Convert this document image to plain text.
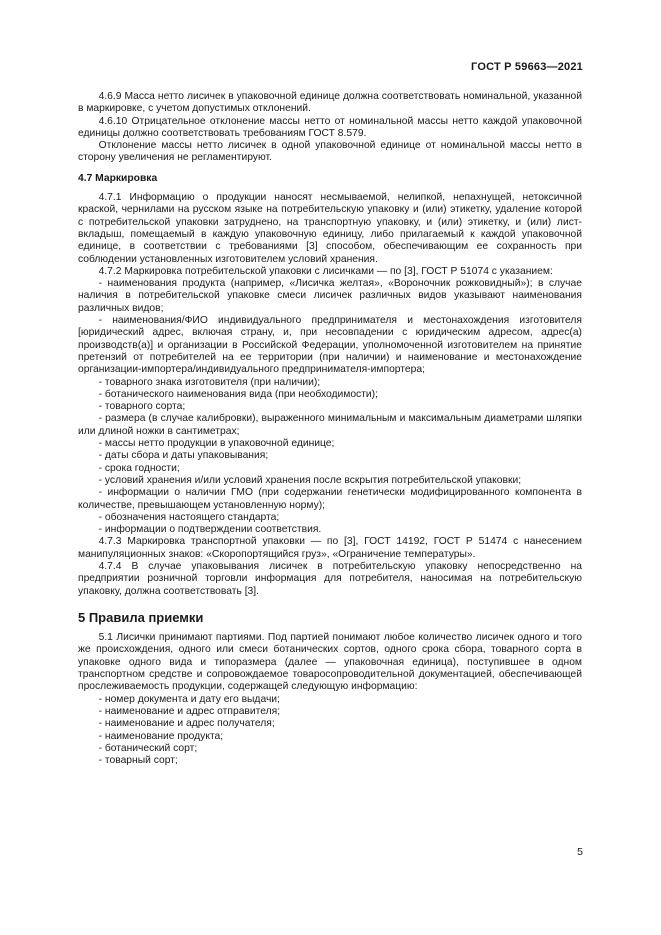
ГОСТ Р 59663—2021

4.6.9 Масса нетто лисичек в упаковочной единице должна соответствовать номинальной, указанной в маркировке, с учетом допустимых отклонений.

4.6.10 Отрицательное отклонение массы нетто от номинальной массы нетто каждой упаковочной единицы должно соответствовать требованиям ГОСТ 8.579.

Отклонение массы нетто лисичек в одной упаковочной единице от номинальной массы нетто в сторону увеличения не регламентируют.

4.7 Маркировка

4.7.1 Информацию о продукции наносят несмываемой, нелипкой, непахнущей, нетоксичной краской, чернилами на русском языке на потребительскую упаковку и (или) этикетку, удаление которой с потребительской упаковки затруднено, на транспортную упаковку, и (или) этикетку, и (или) лист-вкладыш, помещаемый в каждую упаковочную единицу, либо прилагаемый к каждой упаковочной единице, в соответствии с требованиями [3] способом, обеспечивающим ее сохранность при соблюдении установленных изготовителем условий хранения.

4.7.2 Маркировка потребительской упаковки с лисичками — по [3], ГОСТ Р 51074 с указанием:

- наименования продукта (например, «Лисичка желтая», «Вороночник рожковидный»); в случае наличия в потребительской упаковке смеси лисичек различных видов указывают наименования различных видов;

- наименования/ФИО индивидуального предпринимателя и местонахождения изготовителя [юридический адрес, включая страну, и, при несовпадении с юридическим адресом, адрес(а) производств(а)] и организации в Российской Федерации, уполномоченной изготовителем на принятие претензий от потребителей на ее территории (при наличии) и наименование и местонахождение организации-импортера/индивидуального предпринимателя-импортера;

- товарного знака изготовителя (при наличии);

- ботанического наименования вида (при необходимости);

- товарного сорта;

- размера (в случае калибровки), выраженного минимальным и максимальным диаметрами шляпки или длиной ножки в сантиметрах;

- массы нетто продукции в упаковочной единице;

- даты сбора и даты упаковывания;

- срока годности;

- условий хранения и/или условий хранения после вскрытия потребительской упаковки;

- информации о наличии ГМО (при содержании генетически модифицированного компонента в количестве, превышающем установленную норму);

- обозначения настоящего стандарта;

- информации о подтверждении соответствия.

4.7.3 Маркировка транспортной упаковки — по [3], ГОСТ 14192, ГОСТ Р 51474 с нанесением манипуляционных знаков: «Скоропортящийся груз», «Ограничение температуры».

4.7.4 В случае упаковывания лисичек в потребительскую упаковку непосредственно на предприятии розничной торговли информация для потребителя, наносимая на потребительскую упаковку, должна соответствовать [3].

5 Правила приемки

5.1 Лисички принимают партиями. Под партией понимают любое количество лисичек одного и того же происхождения, одного или смеси ботанических сортов, одного срока сбора, товарного сорта в упаковке одного вида и типоразмера (далее — упаковочная единица), поступившее в одном транспортном средстве и сопровождаемое товаросопроводительной документацией, обеспечивающей прослеживаемость продукции, содержащей следующую информацию:

- номер документа и дату его выдачи;

- наименование и адрес отправителя;

- наименование и адрес получателя;

- наименование продукта;

- ботанический сорт;

- товарный сорт;

5
